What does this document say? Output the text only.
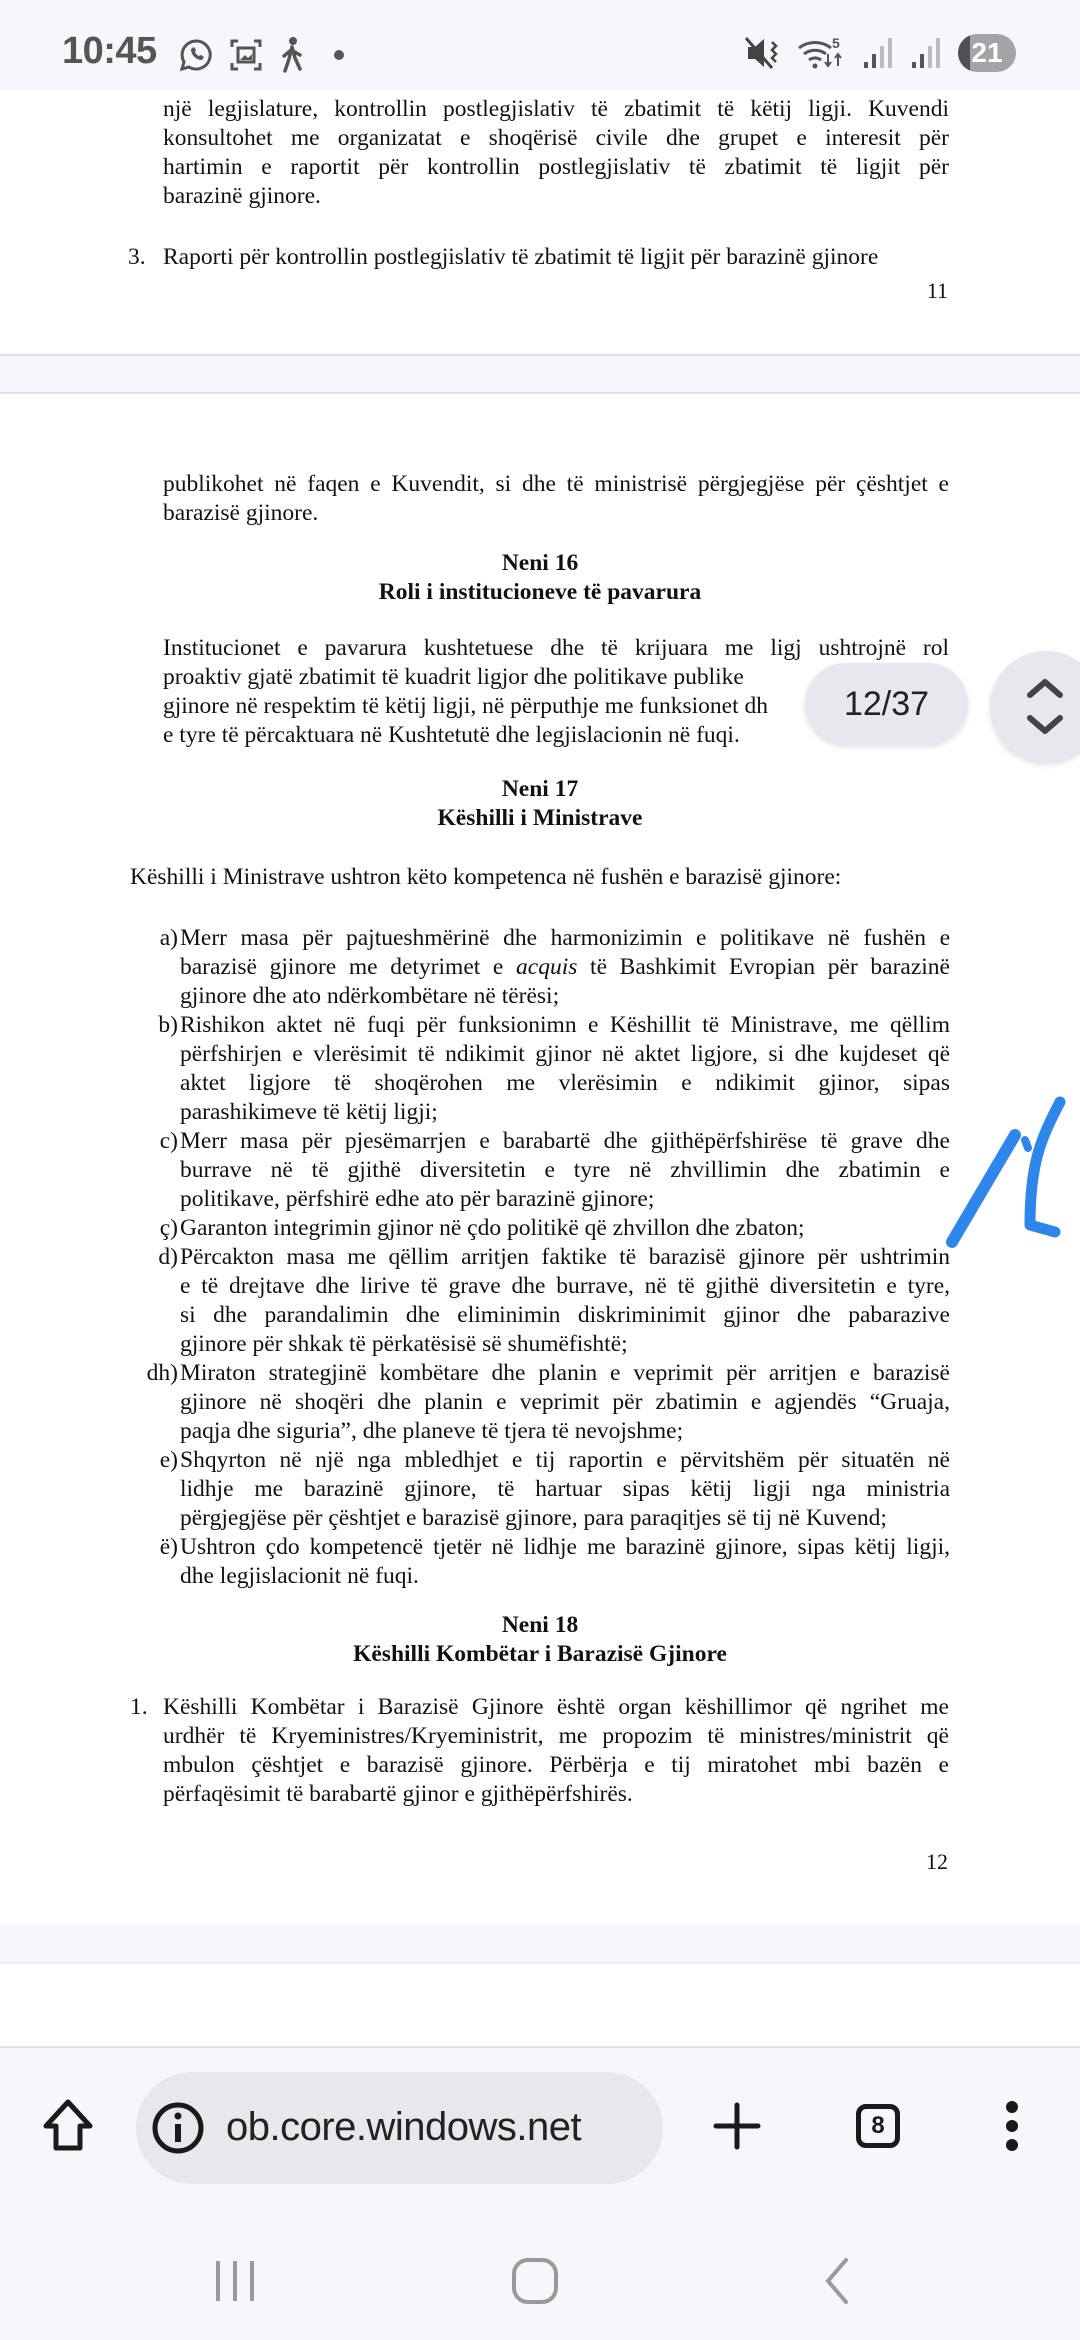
një legjislature, kontrollin postlegjislativ të zbatimit të këtij ligji. Kuvendi
konsultohet me organizatat e shoqërisë civile dhe grupet e interesit për
hartimin e raportit për kontrollin postlegjislativ të zbatimit të ligjit për
barazinë gjinore.
3. Raporti për kontrollin postlegjislativ të zbatimit të ligjit për barazinë gjinore
11
publikohet në faqen e Kuvendit, si dhe të ministrisë përgjegjëse për çështjet e
barazisë gjinore.
Neni 16
Roli i institucioneve të pavarura
Institucionet e pavarura kushtetuese dhe të krijuara me ligj ushtrojnë rol
proaktiv gjatë zbatimit të kuadrit ligjor dhe politikave publike
gjinore në respektim të këtij ligji, në përputhje me funksionet dh
e tyre të përcaktuara në Kushtetutë dhe legjislacionin në fuqi.
Neni 17
Këshilli i Ministrave
Këshilli i Ministrave ushtron këto kompetenca në fushën e barazisë gjinore:
a) Merr masa për pajtueshmërinë dhe harmonizimin e politikave në fushën e
barazisë gjinore me detyrimet e acquis të Bashkimit Evropian për barazinë
gjinore dhe ato ndërkombëtare në tërësi;
b) Rishikon aktet në fuqi për funksionimn e Këshillit të Ministrave, me qëllim
përfshirjen e vlerësimit të ndikimit gjinor në aktet ligjore, si dhe kujdeset që
aktet ligjore të shoqërohen me vlerësimin e ndikimit gjinor, sipas
parashikimeve të këtij ligji;
c) Merr masa për pjesëmarrjen e barabartë dhe gjithëpërfshirëse të grave dhe
burrave në të gjithë diversitetin e tyre në zhvillimin dhe zbatimin e
politikave, përfshirë edhe ato për barazinë gjinore;
ç) Garanton integrimin gjinor në çdo politikë që zhvillon dhe zbaton;
d) Përcakton masa me qëllim arritjen faktike të barazisë gjinore për ushtrimin
e të drejtave dhe lirive të grave dhe burrave, në të gjithë diversitetin e tyre,
si dhe parandalimin dhe eliminimin diskriminimit gjinor dhe pabarazive
gjinore për shkak të përkatësisë së shumëfishtë;
dh) Miraton strategjinë kombëtare dhe planin e veprimit për arritjen e barazisë
gjinore në shoqëri dhe planin e veprimit për zbatimin e agjendës “Gruaja,
paqja dhe siguria”, dhe planeve të tjera të nevojshme;
e) Shqyrton në një nga mbledhjet e tij raportin e përvitshëm për situatën në
lidhje me barazinë gjinore, të hartuar sipas këtij ligji nga ministria
përgjegjëse për çështjet e barazisë gjinore, para paraqitjes së tij në Kuvend;
ë) Ushtron çdo kompetencë tjetër në lidhje me barazinë gjinore, sipas këtij ligji,
dhe legjislacionit në fuqi.
Neni 18
Këshilli Kombëtar i Barazisë Gjinore
1. Këshilli Kombëtar i Barazisë Gjinore është organ këshillimor që ngrihet me
urdhër të Kryeministres/Kryeministrit, me propozim të ministres/ministrit që
mbulon çështjet e barazisë gjinore. Përbërja e tij miratohet mbi bazën e
përfaqësimit të barabartë gjinor e gjithëpërfshirës.
12
12/37
10:45	5	21
ob.core.windows.net	8
